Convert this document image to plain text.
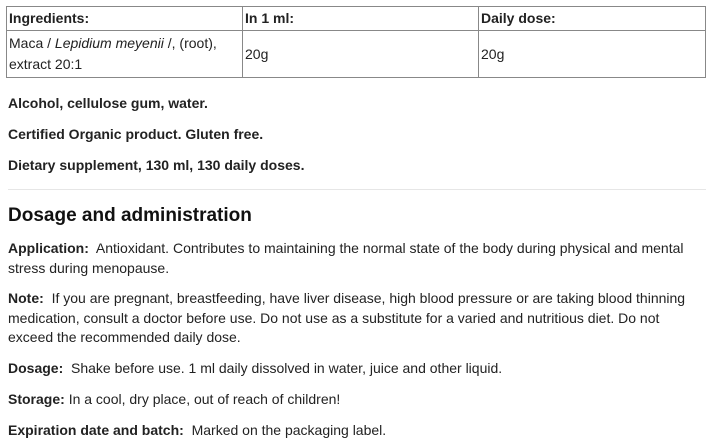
Ingredients:	In 1 ml:	Daily dose:
Maca / Lepidium meyenii /, (root), extract 20:1	20g	20g

Alcohol, cellulose gum, water.

Certified Organic product. Gluten free.

Dietary supplement, 130 ml, 130 daily doses.

Dosage and administration

Application: Antioxidant. Contributes to maintaining the normal state of the body during physical and mental stress during menopause.

Note: If you are pregnant, breastfeeding, have liver disease, high blood pressure or are taking blood thinning medication, consult a doctor before use. Do not use as a substitute for a varied and nutritious diet. Do not exceed the recommended daily dose.

Dosage: Shake before use. 1 ml daily dissolved in water, juice and other liquid.

Storage: In a cool, dry place, out of reach of children!

Expiration date and batch: Marked on the packaging label.
